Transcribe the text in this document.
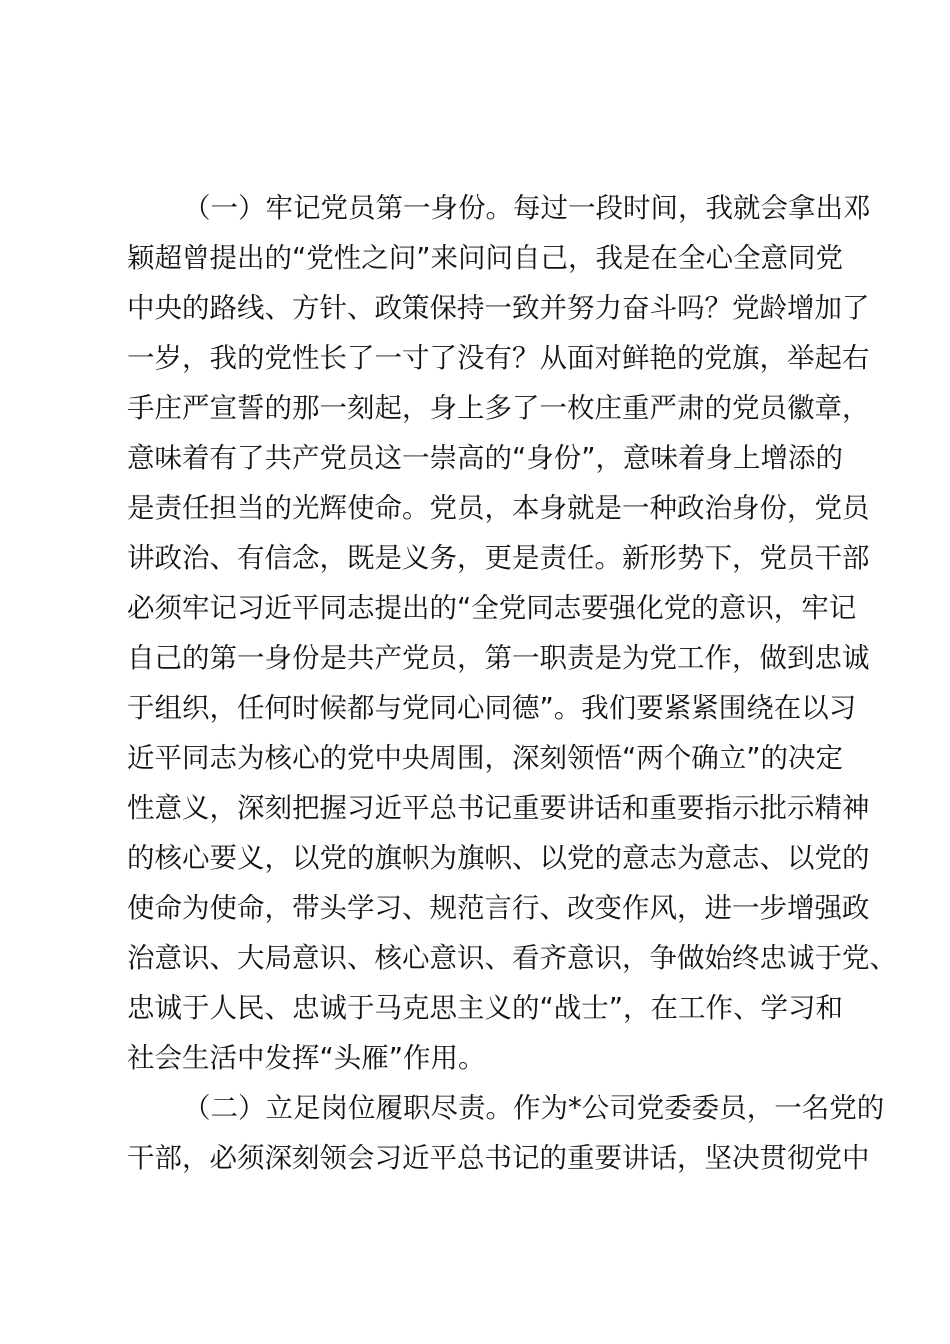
（一）牢记党员第一身份。每过一段时间，我就会拿出邓
颖超曾提出的“党性之问”来问问自己，我是在全心全意同党
中央的路线、方针、政策保持一致并努力奋斗吗？党龄增加了
一岁，我的党性长了一寸了没有？从面对鲜艳的党旗，举起右
手庄严宣誓的那一刻起，身上多了一枚庄重严肃的党员徽章，
意味着有了共产党员这一崇高的“身份”，意味着身上增添的
是责任担当的光辉使命。党员，本身就是一种政治身份，党员
讲政治、有信念，既是义务，更是责任。新形势下，党员干部
必须牢记习近平同志提出的“全党同志要强化党的意识，牢记
自己的第一身份是共产党员，第一职责是为党工作，做到忠诚
于组织，任何时候都与党同心同德”。我们要紧紧围绕在以习
近平同志为核心的党中央周围，深刻领悟“两个确立”的决定
性意义，深刻把握习近平总书记重要讲话和重要指示批示精神
的核心要义，以党的旗帜为旗帜、以党的意志为意志、以党的
使命为使命，带头学习、规范言行、改变作风，进一步增强政
治意识、大局意识、核心意识、看齐意识，争做始终忠诚于党、
忠诚于人民、忠诚于马克思主义的“战士”，在工作、学习和
社会生活中发挥“头雁”作用。
（二）立足岗位履职尽责。作为*公司党委委员，一名党的
干部，必须深刻领会习近平总书记的重要讲话，坚决贯彻党中
